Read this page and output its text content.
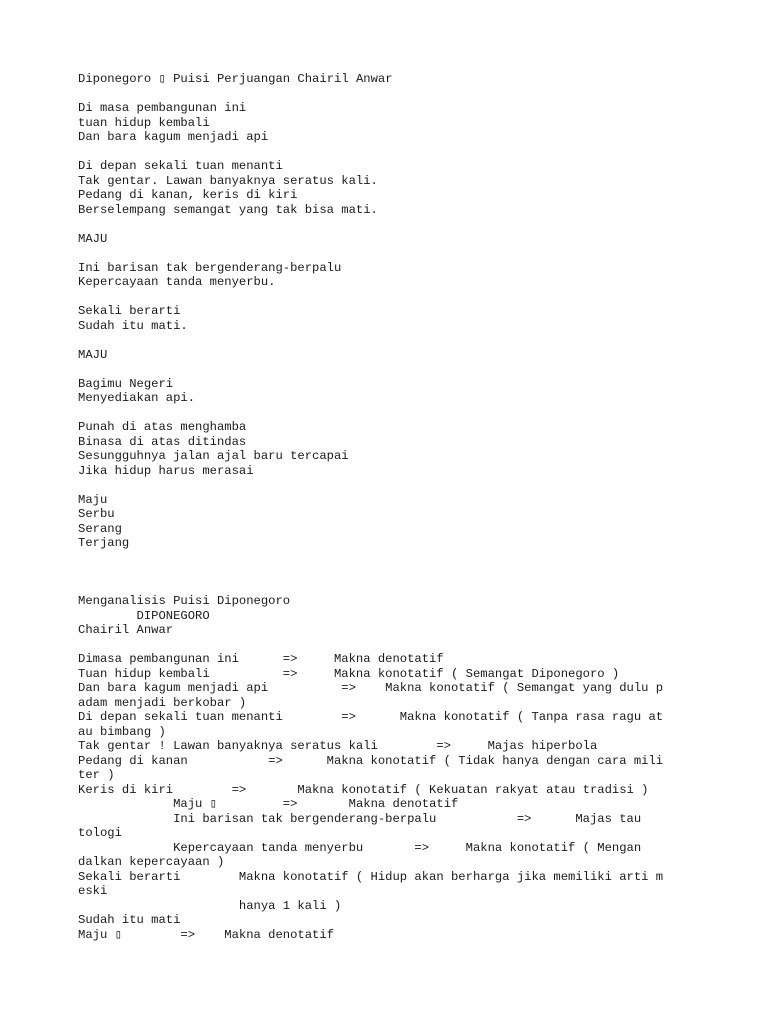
Diponegoro ▯ Puisi Perjuangan Chairil Anwar
Di masa pembangunan ini
tuan hidup kembali
Dan bara kagum menjadi api
Di depan sekali tuan menanti
Tak gentar. Lawan banyaknya seratus kali.
Pedang di kanan, keris di kiri
Berselempang semangat yang tak bisa mati.
MAJU
Ini barisan tak bergenderang-berpalu
Kepercayaan tanda menyerbu.
Sekali berarti
Sudah itu mati.
MAJU
Bagimu Negeri
Menyediakan api.
Punah di atas menghamba
Binasa di atas ditindas
Sesungguhnya jalan ajal baru tercapai
Jika hidup harus merasai
Maju
Serbu
Serang
Terjang
Menganalisis Puisi Diponegoro
DIPONEGORO
Chairil Anwar
Dimasa pembangunan ini      =>     Makna denotatif
Tuan hidup kembali          =>     Makna konotatif ( Semangat Diponegoro )
Dan bara kagum menjadi api          =>    Makna konotatif ( Semangat yang dulu p
adam menjadi berkobar )
Di depan sekali tuan menanti        =>      Makna konotatif ( Tanpa rasa ragu at
au bimbang )
Tak gentar ! Lawan banyaknya seratus kali        =>     Majas hiperbola
Pedang di kanan           =>      Makna konotatif ( Tidak hanya dengan cara mili
ter )
Keris di kiri        =>       Makna konotatif ( Kekuatan rakyat atau tradisi )
Maju ▯         =>       Makna denotatif
Ini barisan tak bergenderang-berpalu           =>      Majas tau
tologi
Kepercayaan tanda menyerbu       =>     Makna konotatif ( Mengan
dalkan kepercayaan )
Sekali berarti        Makna konotatif ( Hidup akan berharga jika memiliki arti m
eski
hanya 1 kali )
Sudah itu mati
Maju ▯        =>    Makna denotatif
